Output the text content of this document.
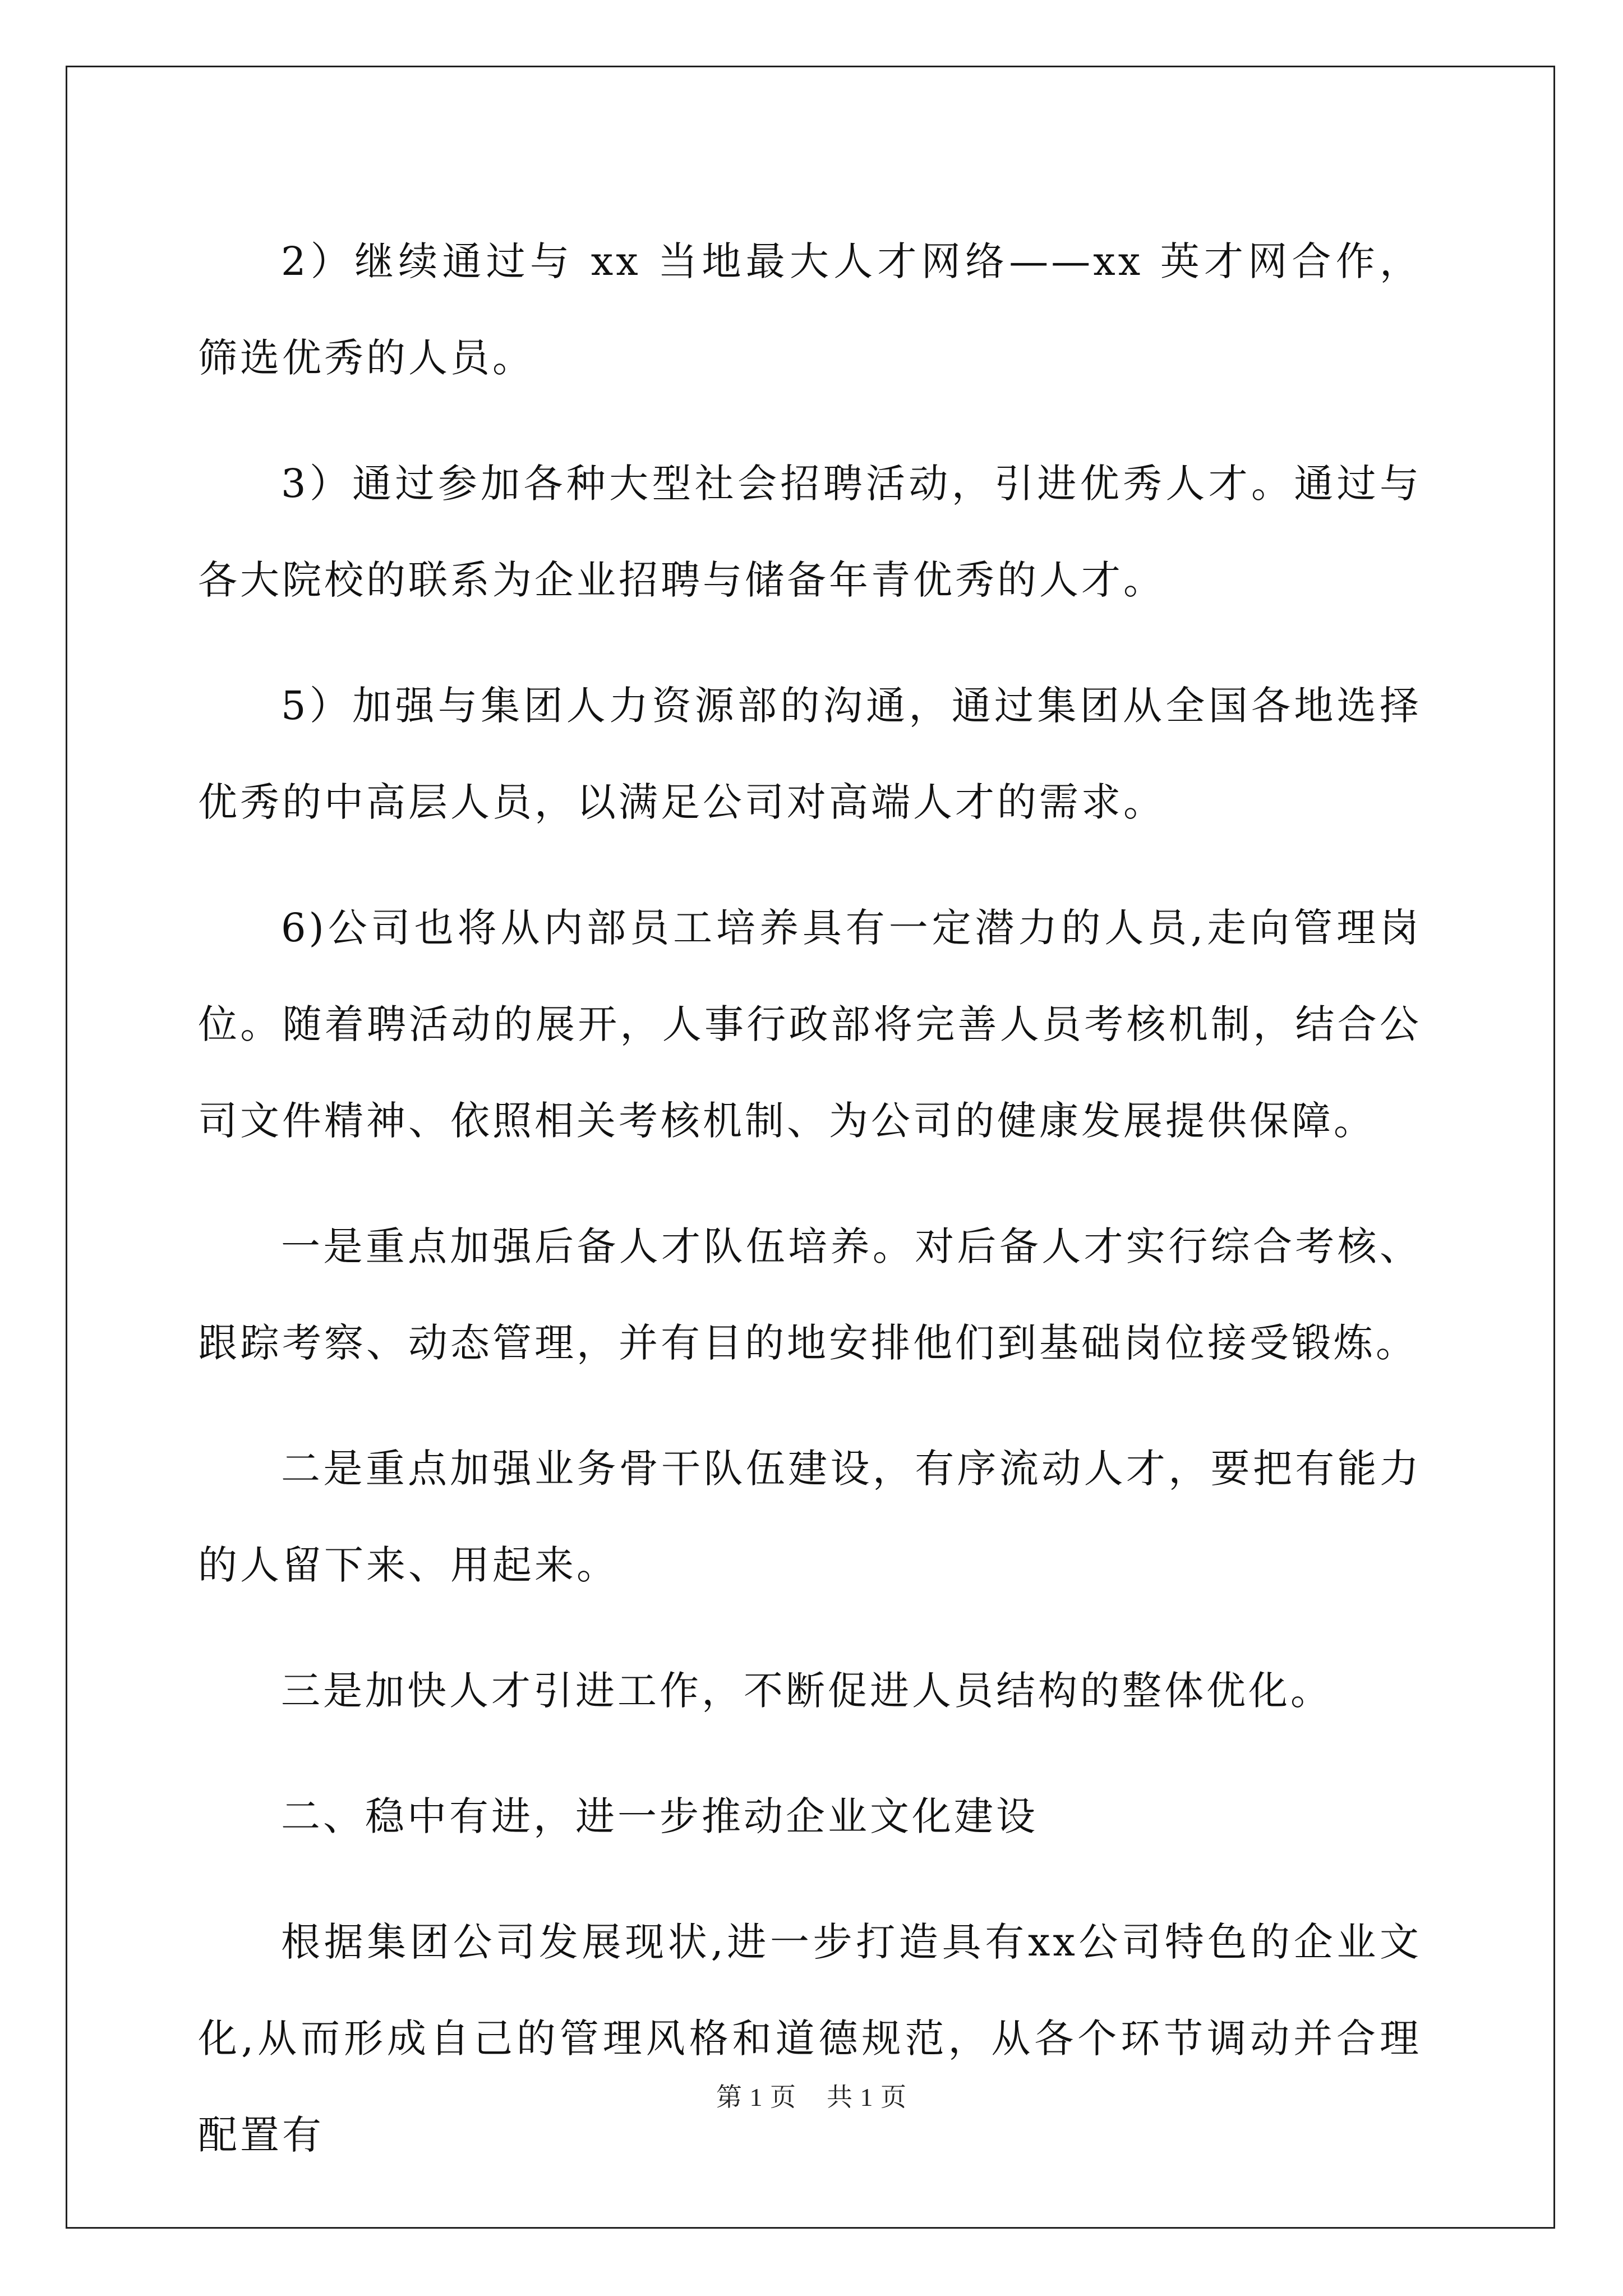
2）继续通过与 xx 当地最大人才网络——xx 英才网合作，筛选优秀的人员。

3）通过参加各种大型社会招聘活动，引进优秀人才。通过与各大院校的联系为企业招聘与储备年青优秀的人才。

5）加强与集团人力资源部的沟通，通过集团从全国各地选择优秀的中高层人员，以满足公司对高端人才的需求。

6)公司也将从内部员工培养具有一定潜力的人员,走向管理岗位。随着聘活动的展开，人事行政部将完善人员考核机制，结合公司文件精神、依照相关考核机制、为公司的健康发展提供保障。

一是重点加强后备人才队伍培养。对后备人才实行综合考核、跟踪考察、动态管理，并有目的地安排他们到基础岗位接受锻炼。

二是重点加强业务骨干队伍建设，有序流动人才，要把有能力的人留下来、用起来。

三是加快人才引进工作，不断促进人员结构的整体优化。

二、稳中有进，进一步推动企业文化建设

根据集团公司发展现状,进一步打造具有xx公司特色的企业文化,从而形成自己的管理风格和道德规范，从各个环节调动并合理配置有

第 1 页 共 1 页
